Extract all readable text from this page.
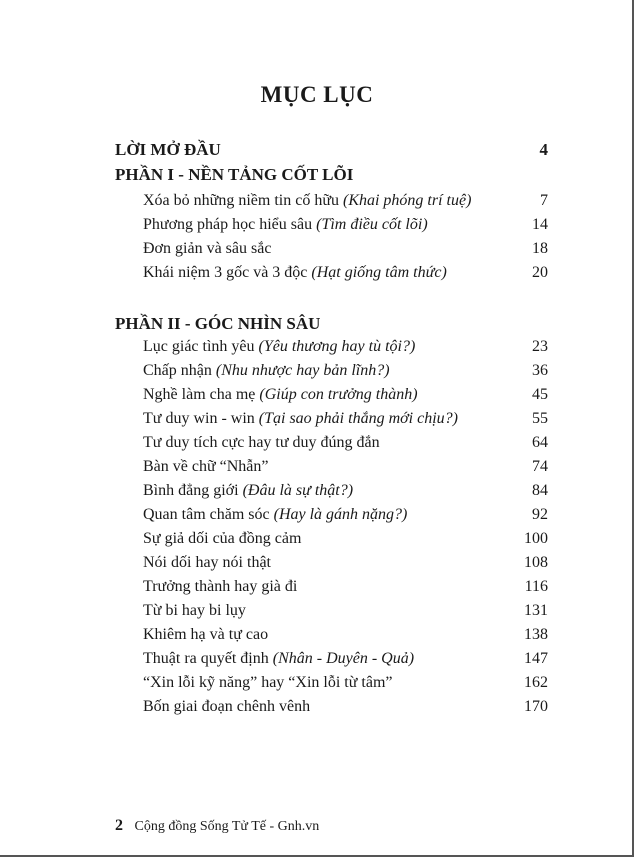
MỤC LỤC
LỜI MỞ ĐẦU	4
PHẦN I - NỀN TẢNG CỐT LÕI
Xóa bỏ những niềm tin cố hữu (Khai phóng trí tuệ)	7
Phương pháp học hiểu sâu (Tìm điều cốt lõi)	14
Đơn giản và sâu sắc	18
Khái niệm 3 gốc và 3 độc (Hạt giống tâm thức)	20
PHẦN II - GÓC NHÌN SÂU
Lục giác tình yêu (Yêu thương hay tù tội?)	23
Chấp nhận (Nhu nhược hay bản lĩnh?)	36
Nghề làm cha mẹ (Giúp con trưởng thành)	45
Tư duy win - win (Tại sao phải thắng mới chịu?)	55
Tư duy tích cực hay tư duy đúng đắn	64
Bàn về chữ “Nhẫn”	74
Bình đẳng giới (Đâu là sự thật?)	84
Quan tâm chăm sóc (Hay là gánh nặng?)	92
Sự giả dối của đồng cảm	100
Nói dối hay nói thật	108
Trưởng thành hay già đi	116
Từ bi hay bi lụy	131
Khiêm hạ và tự cao	138
Thuật ra quyết định (Nhân - Duyên - Quả)	147
“Xin lỗi kỹ năng” hay “Xin lỗi từ tâm”	162
Bốn giai đoạn chênh vênh	170
2 Cộng đồng Sống Tử Tế - Gnh.vn
